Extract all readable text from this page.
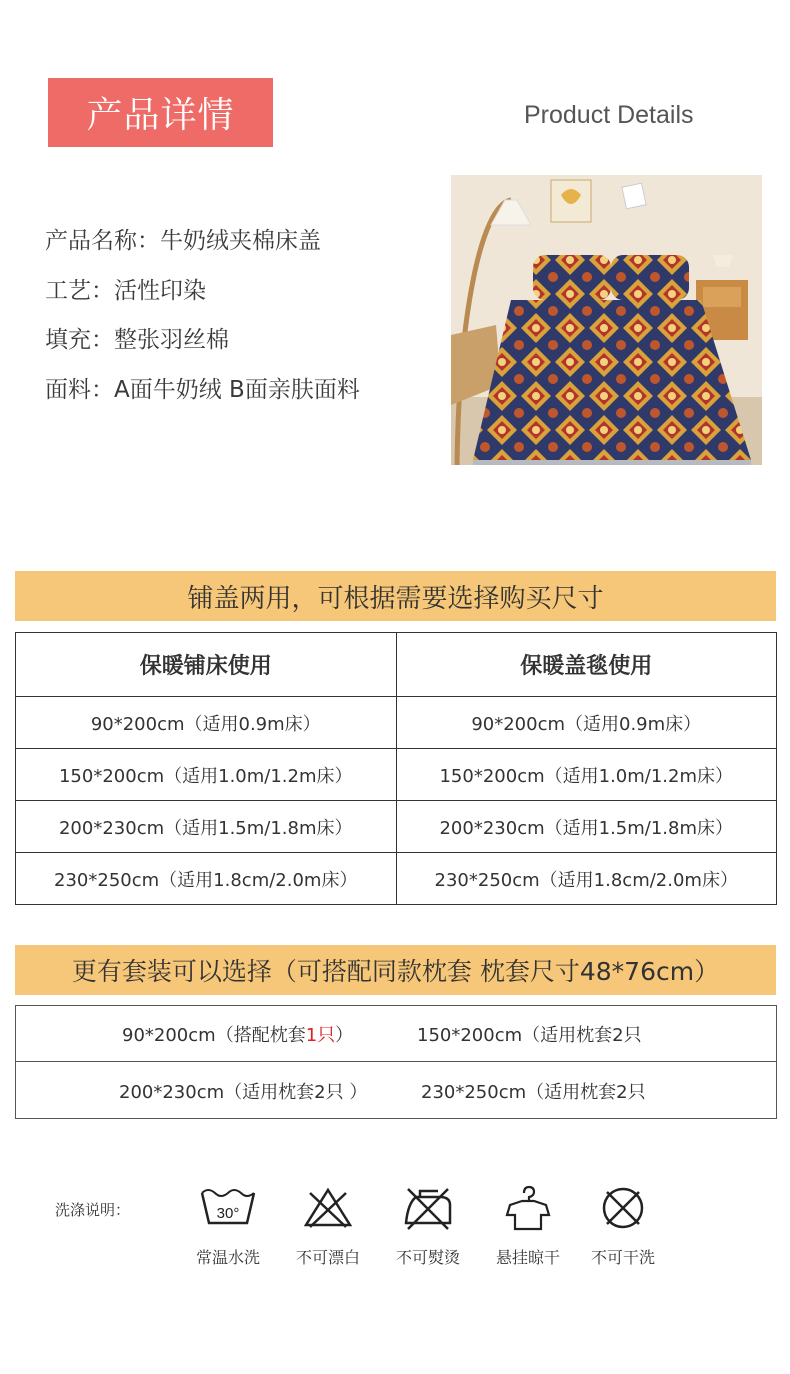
产品详情	Product Details
产品名称：牛奶绒夹棉床盖
工艺：活性印染
填充：整张羽丝棉
面料：A面牛奶绒 B面亲肤面料
铺盖两用，可根据需要选择购买尺寸
保暖铺床使用	保暖盖毯使用
90*200cm（适用0.9m床）	90*200cm（适用0.9m床）
150*200cm（适用1.0m/1.2m床）	150*200cm（适用1.0m/1.2m床）
200*230cm（适用1.5m/1.8m床）	200*230cm（适用1.5m/1.8m床）
230*250cm（适用1.8cm/2.0m床）	230*250cm（适用1.8cm/2.0m床）
更有套装可以选择（可搭配同款枕套 枕套尺寸48*76cm）
90*200cm（搭配枕套1只）	150*200cm（适用枕套2只
200*230cm（适用枕套2只 ）	230*250cm（适用枕套2只
洗涤说明：	30°
常温水洗	不可漂白	不可熨烫	悬挂晾干	不可干洗
